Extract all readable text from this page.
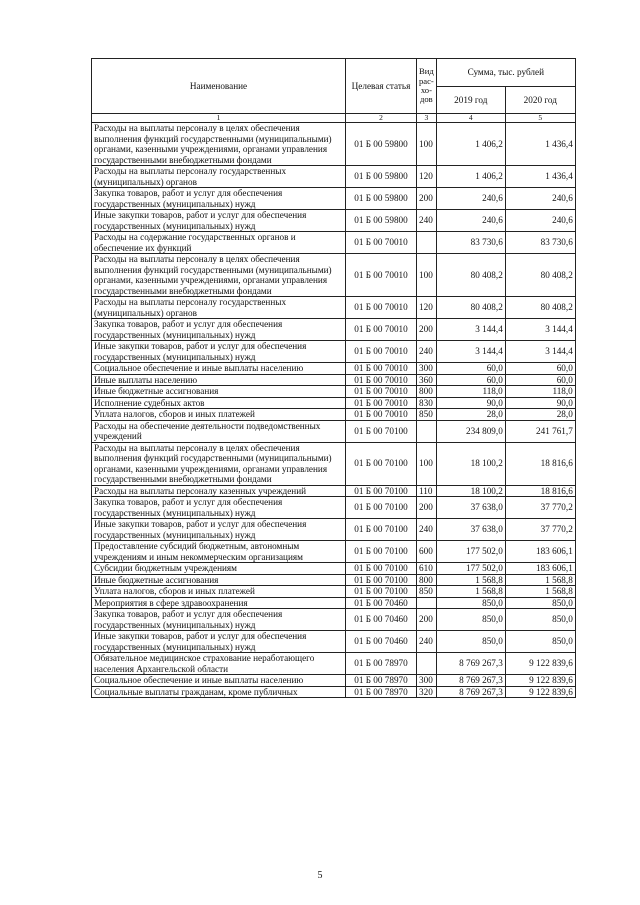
Наименование	Целевая статья	Вид рас-хо-дов	Сумма, тыс. рублей	
			2019 год	2020 год
1	2	3	4	5
Расходы на выплаты персоналу в целях обеспечения выполнения функций государственными (муниципальными) органами, казенными учреждениями, органами управления государственными внебюджетными фондами	01 Б 00 59800	100	1 406,2	1 436,4
Расходы на выплаты персоналу государственных (муниципальных) органов	01 Б 00 59800	120	1 406,2	1 436,4
Закупка товаров, работ и услуг для обеспечения государственных (муниципальных) нужд	01 Б 00 59800	200	240,6	240,6
Иные закупки товаров, работ и услуг для обеспечения государственных (муниципальных) нужд	01 Б 00 59800	240	240,6	240,6
Расходы на содержание государственных органов и обеспечение их функций	01 Б 00 70010		83 730,6	83 730,6
Расходы на выплаты персоналу в целях обеспечения выполнения функций государственными (муниципальными) органами, казенными учреждениями, органами управления государственными внебюджетными фондами	01 Б 00 70010	100	80 408,2	80 408,2
Расходы на выплаты персоналу государственных (муниципальных) органов	01 Б 00 70010	120	80 408,2	80 408,2
Закупка товаров, работ и услуг для обеспечения государственных (муниципальных) нужд	01 Б 00 70010	200	3 144,4	3 144,4
Иные закупки товаров, работ и услуг для обеспечения государственных (муниципальных) нужд	01 Б 00 70010	240	3 144,4	3 144,4
Социальное обеспечение и иные выплаты населению	01 Б 00 70010	300	60,0	60,0
Иные выплаты населению	01 Б 00 70010	360	60,0	60,0
Иные бюджетные ассигнования	01 Б 00 70010	800	118,0	118,0
Исполнение судебных актов	01 Б 00 70010	830	90,0	90,0
Уплата налогов, сборов и иных платежей	01 Б 00 70010	850	28,0	28,0
Расходы на обеспечение деятельности подведомственных учреждений	01 Б 00 70100		234 809,0	241 761,7
Расходы на выплаты персоналу в целях обеспечения выполнения функций государственными (муниципальными) органами, казенными учреждениями, органами управления государственными внебюджетными фондами	01 Б 00 70100	100	18 100,2	18 816,6
Расходы на выплаты персоналу казенных учреждений	01 Б 00 70100	110	18 100,2	18 816,6
Закупка товаров, работ и услуг для обеспечения государственных (муниципальных) нужд	01 Б 00 70100	200	37 638,0	37 770,2
Иные закупки товаров, работ и услуг для обеспечения государственных (муниципальных) нужд	01 Б 00 70100	240	37 638,0	37 770,2
Предоставление субсидий бюджетным, автономным учреждениям и иным некоммерческим организациям	01 Б 00 70100	600	177 502,0	183 606,1
Субсидии бюджетным учреждениям	01 Б 00 70100	610	177 502,0	183 606,1
Иные бюджетные ассигнования	01 Б 00 70100	800	1 568,8	1 568,8
Уплата налогов, сборов и иных платежей	01 Б 00 70100	850	1 568,8	1 568,8
Мероприятия в сфере здравоохранения	01 Б 00 70460		850,0	850,0
Закупка товаров, работ и услуг для обеспечения государственных (муниципальных) нужд	01 Б 00 70460	200	850,0	850,0
Иные закупки товаров, работ и услуг для обеспечения государственных (муниципальных) нужд	01 Б 00 70460	240	850,0	850,0
Обязательное медицинское страхование неработающего населения Архангельской области	01 Б 00 78970		8 769 267,3	9 122 839,6
Социальное обеспечение и иные выплаты населению	01 Б 00 78970	300	8 769 267,3	9 122 839,6
Социальные выплаты гражданам, кроме публичных	01 Б 00 78970	320	8 769 267,3	9 122 839,6
5
